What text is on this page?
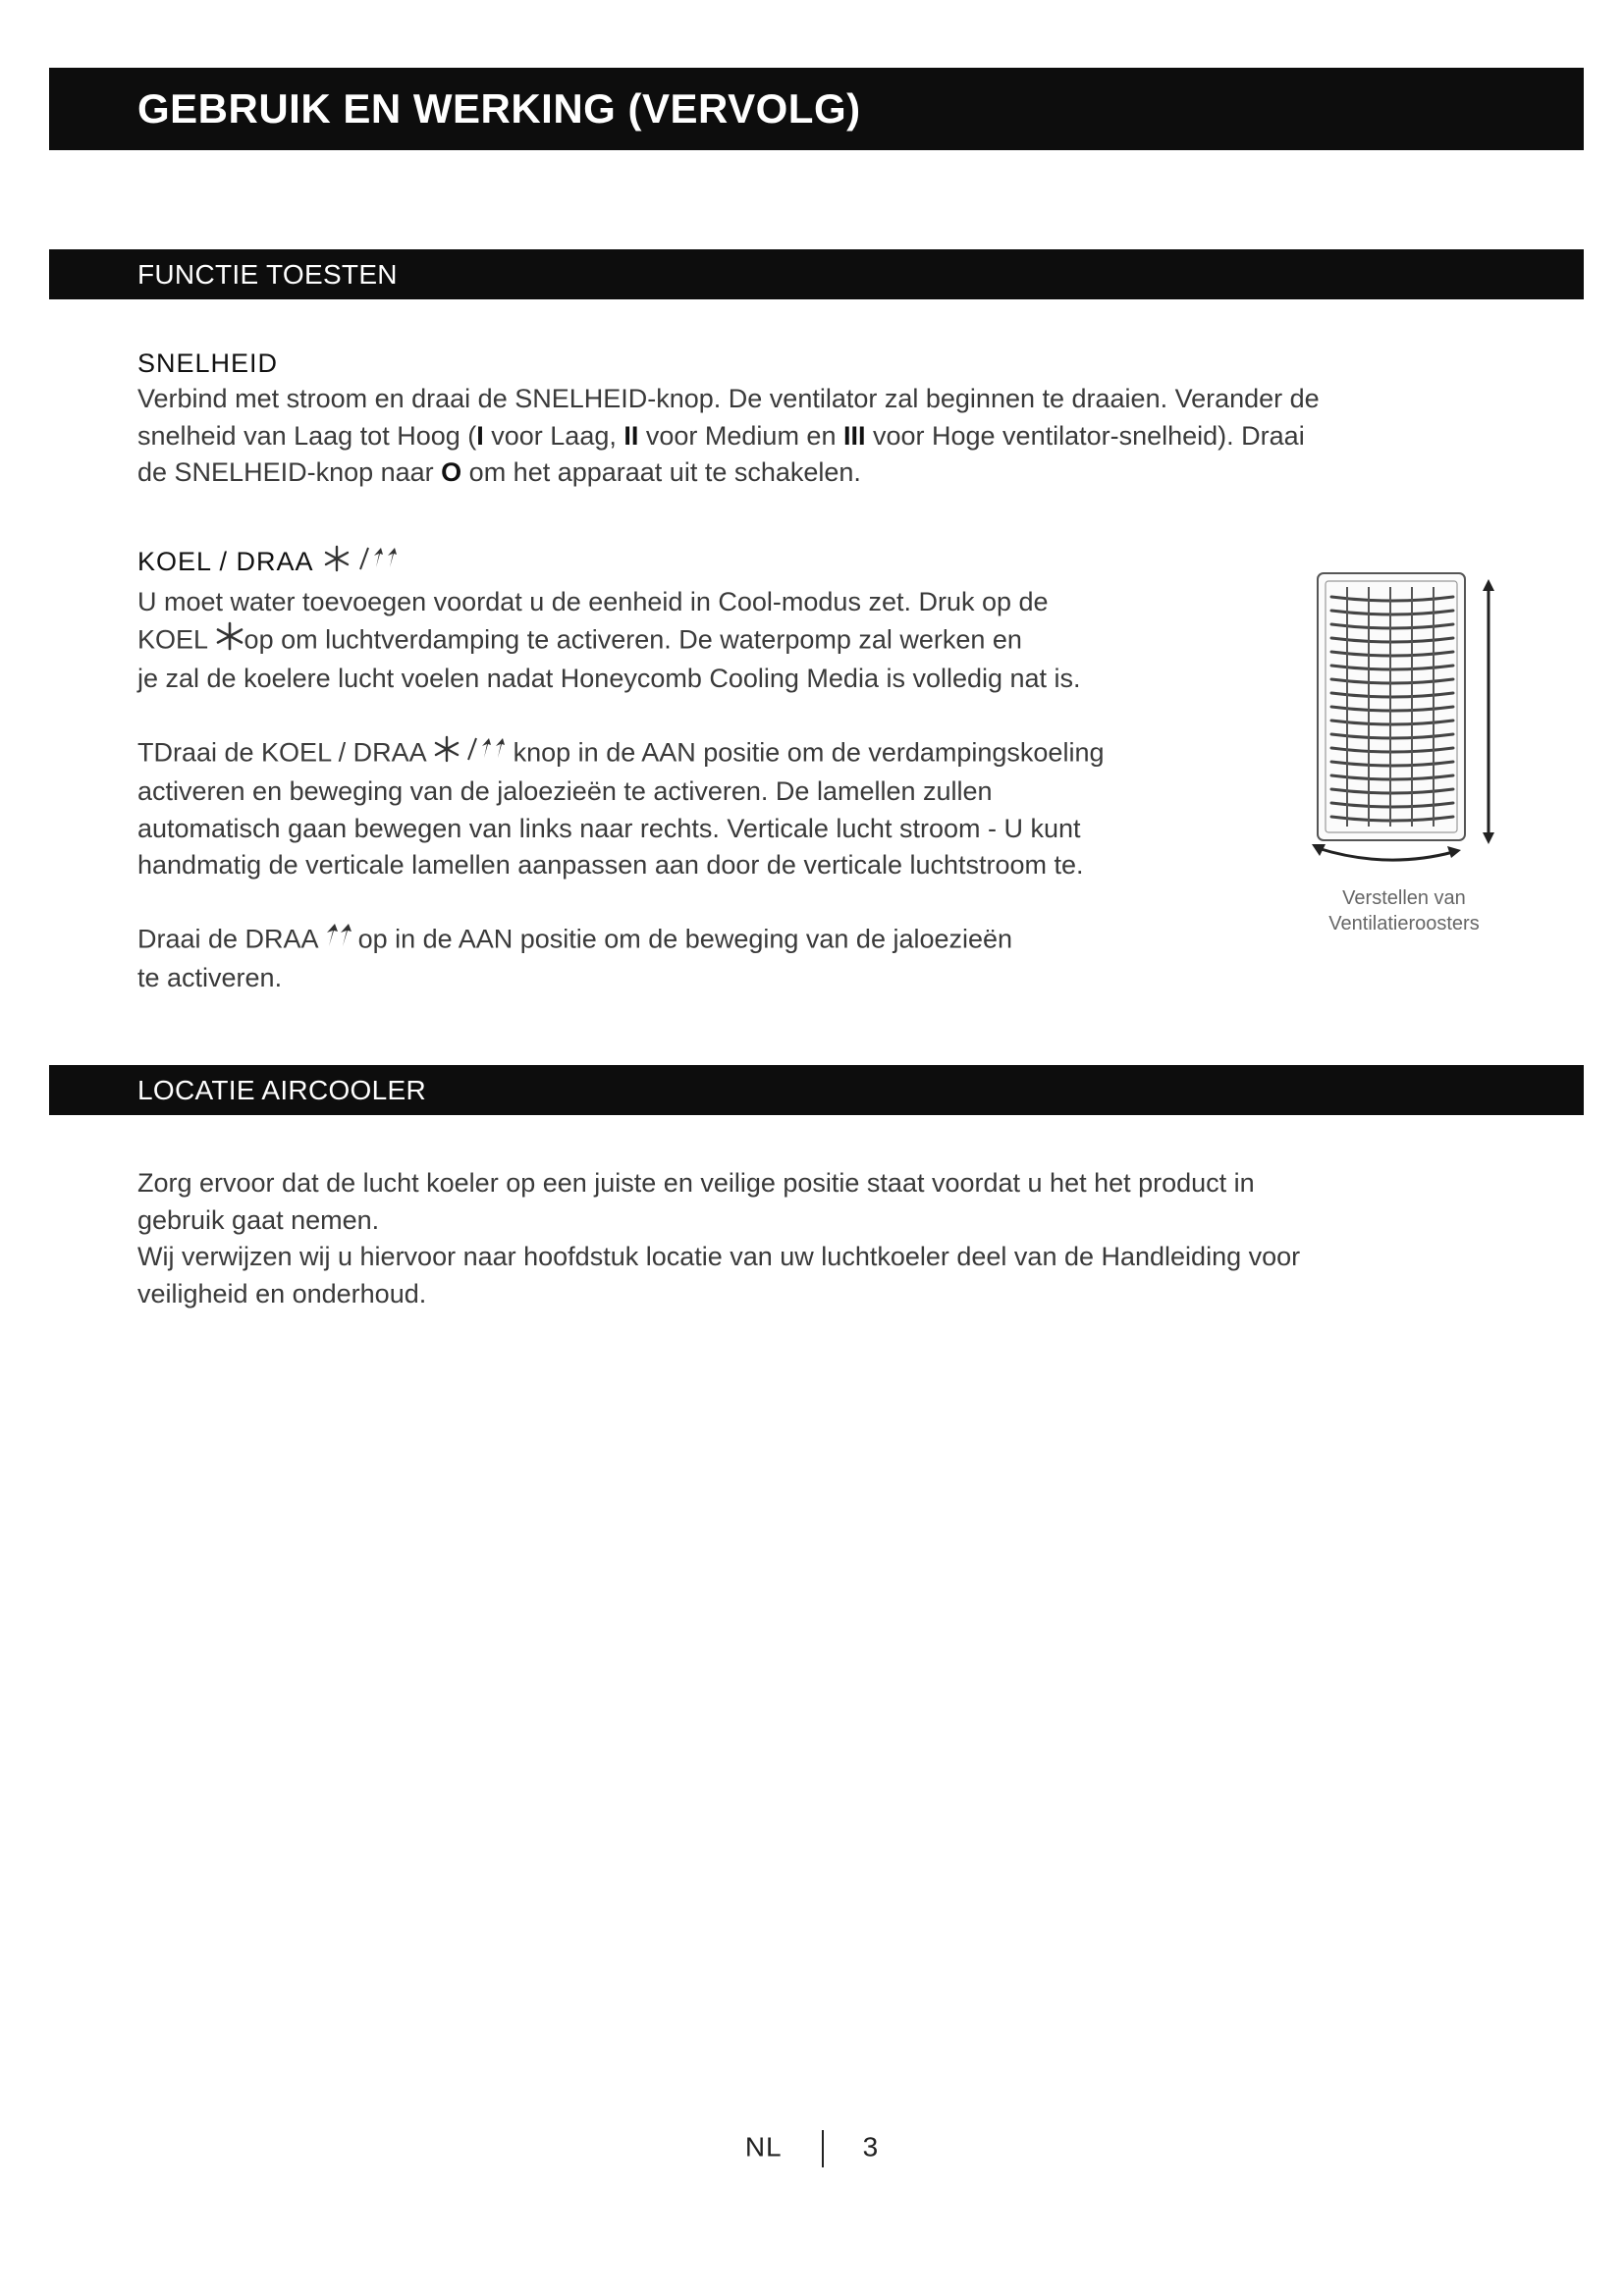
GEBRUIK EN WERKING (VERVOLG)
FUNCTIE TOESTEN
SNELHEID

Verbind met stroom en draai de SNELHEID-knop. De ventilator zal beginnen te draaien. Verander de
snelheid van Laag tot Hoog (I voor Laag, II voor Medium en III voor Hoge ventilator-snelheid). Draai
de SNELHEID-knop naar O om het apparaat uit te schakelen.

KOEL / DRAA

U moet water toevoegen voordat u de eenheid in Cool-modus zet. Druk op de
KOEL op om luchtverdamping te activeren. De waterpomp zal werken en
je zal de koelere lucht voelen nadat Honeycomb Cooling Media is volledig nat is.

TDraai de KOEL / DRAA	knop in de AAN positie om de verdampingskoeling
activeren en beweging van de jaloezieën te activeren. De lamellen zullen
automatisch gaan bewegen van links naar rechts. Verticale lucht stroom - U kunt
handmatig de verticale lamellen aanpassen aan door de verticale luchtstroom te.

Draai de DRAA op in de AAN positie om de beweging van de jaloezieën
te activeren.

Verstellen van
Ventilatieroosters
LOCATIE AIRCOOLER

Zorg ervoor dat de lucht koeler op een juiste en veilige positie staat voordat u het het product in
gebruik gaat nemen.
Wij verwijzen wij u hiervoor naar hoofdstuk locatie van uw luchtkoeler deel van de Handleiding voor
veiligheid en onderhoud.

NL	3
